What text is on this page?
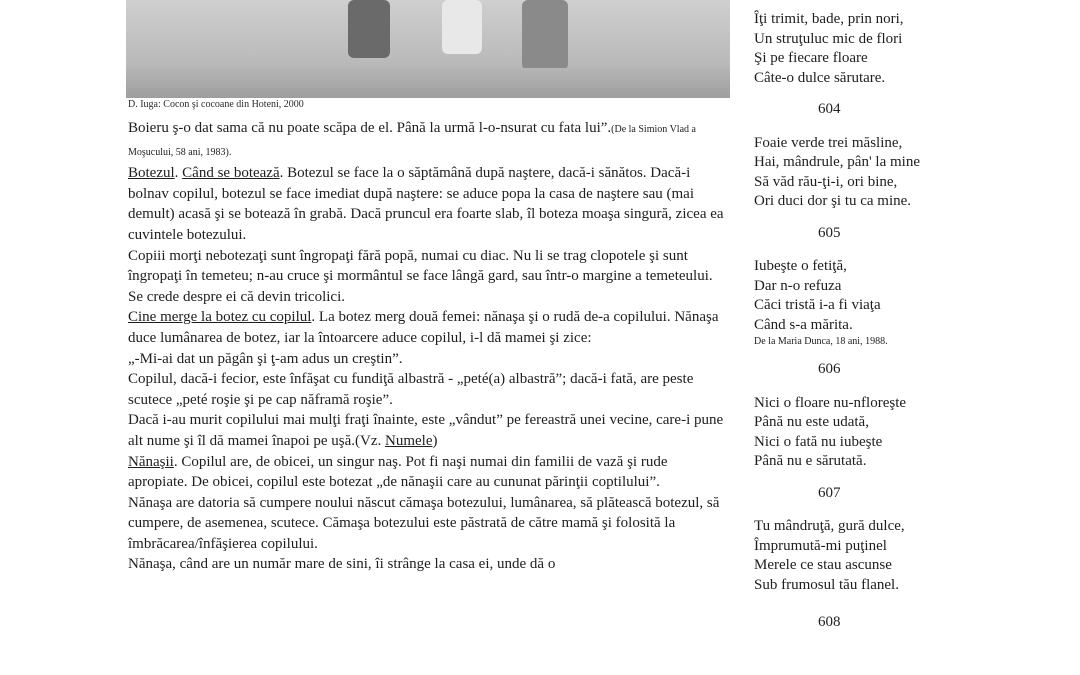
D. Iuga: Cocon şi cocoane din Hoteni, 2000

Boieru ş-o dat sama că nu poate scăpa de el. Până la urmă l-o-nsurat cu fata lui”.(De la Simion Vlad a Moşucului, 58 ani, 1983).

Botezul. Când se botează. Botezul se face la o săptămână după naştere, dacă-i sănătos. Dacă-i bolnav copilul, botezul se face imediat după naştere: se aduce popa la casa de naştere sau (mai demult) acasă şi se botează în grabă. Dacă pruncul era foarte slab, îl boteza moaşa singură, zicea ea cuvintele botezului.

Copiii morţi nebotezaţi sunt îngropaţi fără popă, numai cu diac. Nu li se trag clopotele şi sunt îngropaţi în temeteu; n-au cruce şi mormântul se face lângă gard, sau într-o margine a temeteului. Se crede despre ei că devin tricolici.

Cine merge la botez cu copilul. La botez merg două femei: nănaşa şi o rudă de-a copilului. Nănaşa duce lumânarea de botez, iar la întoarcere aduce copilul, i-l dă mamei şi zice:

„-Mi-ai dat un păgân şi ţ-am adus un creştin”.

Copilul, dacă-i fecior, este înfăşat cu fundiţă albastră - „peté(a) albastră”; dacă-i fată, are peste scutece „peté roşie şi pe cap năframă roşie”.

Dacă i-au murit copilului mai mulţi fraţi înainte, este „vândut” pe fereastră unei vecine, care-i pune alt nume şi îl dă mamei înapoi pe uşă.(Vz. Numele)

Nănaşii. Copilul are, de obicei, un singur naş. Pot fi naşi numai din familii de vază şi rude apropiate. De obicei, copilul este botezat „de nănaşii care au cununat părinţii coptilului”.

Nănaşa are datoria să cumpere noului născut cămaşa botezului, lumânarea, să plătească botezul, să cumpere, de asemenea, scutece. Cămaşa botezului este păstrată de către mamă şi folosită la îmbrăcarea/înfăşierea copilului.

Nănaşa, când are un număr mare de sini, îi strânge la casa ei, unde dă o

Îţi trimit, bade, prin nori,
Un struţuluc mic de flori
Şi pe fiecare floare
Câte-o dulce sărutare.
604
Foaie verde trei măsline,
Hai, mândrule, pân' la mine
Să văd rău-ţi-i, ori bine,
Ori duci dor şi tu ca mine.
605
Iubeşte o fetiţă,
Dar n-o refuza
Căci tristă i-a fi viaţa
Când s-a mărita.
De la Maria Dunca, 18 ani, 1988.
606
Nici o floare nu-nfloreşte
Până nu este udată,
Nici o fată nu iubeşte
Până nu e sărutată.
607
Tu mândruţă, gură dulce,
Împrumută-mi puţinel
Merele ce stau ascunse
Sub frumosul tău flanel.
608
